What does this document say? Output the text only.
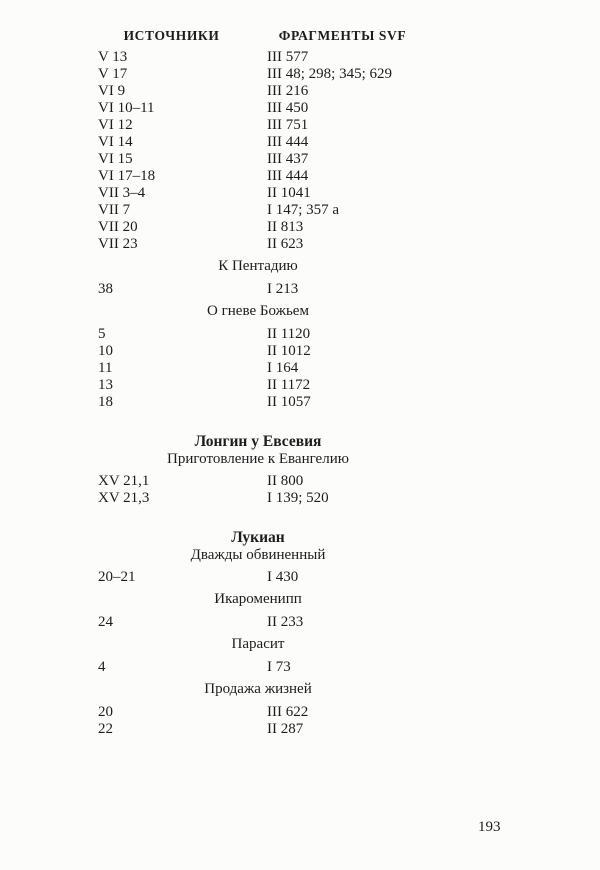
ИСТОЧНИКИ	ФРАГМЕНТЫ SVF
V 13	III 577
V 17	III 48; 298; 345; 629
VI 9	III 216
VI 10–11	III 450
VI 12	III 751
VI 14	III 444
VI 15	III 437
VI 17–18	III 444
VII 3–4	II 1041
VII 7	I 147; 357 a
VII 20	II 813
VII 23	II 623
К Пентадию
38	I 213
О гневе Божьем
5	II 1120
10	II 1012
11	I 164
13	II 1172
18	II 1057
Лонгин у Евсевия
Приготовление к Евангелию
XV 21,1	II 800
XV 21,3	I 139; 520
Лукиан
Дважды обвиненный
20–21	I 430
Икароменипп
24	II 233
Парасит
4	I 73
Продажа жизней
20	III 622
22	II 287
193
